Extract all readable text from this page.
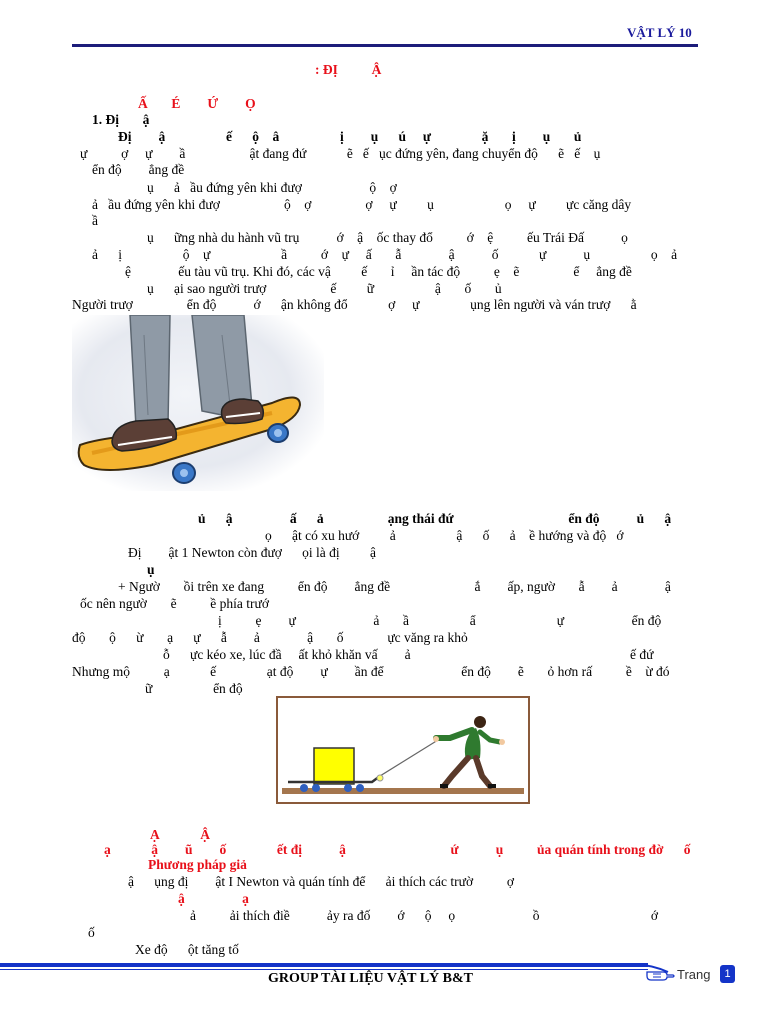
VẬT LÝ 10
: ĐỊ          Ậ
Ấ       É        Ứ        Ọ
1. Đị       ậ
Đị        ậ                  ế      ộ    â                  ị        ụ      ú     ự               ặ       ị        ụ       ủ
ự          ợ     ự        ầ                   ật đang đứ            ẽ   ế   ục đứng yên, đang chuyển độ      ẽ   ế    ụ
ển độ        ẳng đề
ụ      ả   ầu đứng yên khi đượ                    ộ    ợ
ả   ầu đứng yên khi đượ                   ộ    ợ                ợ     ự         ụ                     ọ     ự         ực căng dây
ầ
ụ      ững nhà du hành vũ trụ           ớ    ậ    ốc thay đổ          ớ    ệ          ếu Trái Đấ           ọ
ả      ị                  ộ    ự                     ầ          ớ    ự     ấ       ẫ              ậ           ố            ự           ụ                  ọ    ả
ệ              ếu tàu vũ trụ. Khi đó, các vậ         ế       ỉ     ần tác độ          ẹ    ẽ                ể     ẳng đề
ụ      ại sao người trượ                   ế         ữ                  ậ       ố       ủ
Người trượ                ển độ           ớ      ận không đổ            ợ     ự               ụng lên người và ván trượ      ằ
ủ      ậ                 ấ      ả                   ạng thái đứ                                  ển độ           ủ      ậ
ọ      ật có xu hướ         ả                  ậ      ố      ả    ề hướng và độ   ớ
Đị        ật 1 Newton còn đượ      ọi là đị         ậ
ụ
+ Ngườ       ồi trên xe đang          ển độ        ẳng đề                         ắ        ấp, ngườ       ẫ        ả              ậ
ốc nên ngườ       ẽ          ề phía trướ
ị          ẹ        ự                       ả       ầ                  ẩ                        ự                    ển độ
độ       ộ      ừ       ạ      ự      ẫ        ả              ậ       ố             ực văng ra khỏ
ỗ      ực kéo xe, lúc đầ     ất khỏ khăn vấ        ả                                                                 ế đứ
Nhưng mộ          ạ            ế               ạt độ        ự        ần để                       ển độ        ẽ       ỏ hơn rấ          ề    ừ đó
ữ                  ển độ
Ạ            Ậ
ạ            ậ        ũ        ố               ết đị           ậ                               ứ           ụ          ủa quán tính trong đờ      ố
Phương pháp giả
ậ      ụng đị        ật I Newton và quán tính để      ải thích các trườ          ợ
ậ                 ạ
ả          ải thích điề           ảy ra đố        ớ      ộ     ọ                       ồ                                 ớ
ố
Xe độ      ột tăng tố
GROUP TÀI LIỆU VẬT LÝ B&T	Trang	1
